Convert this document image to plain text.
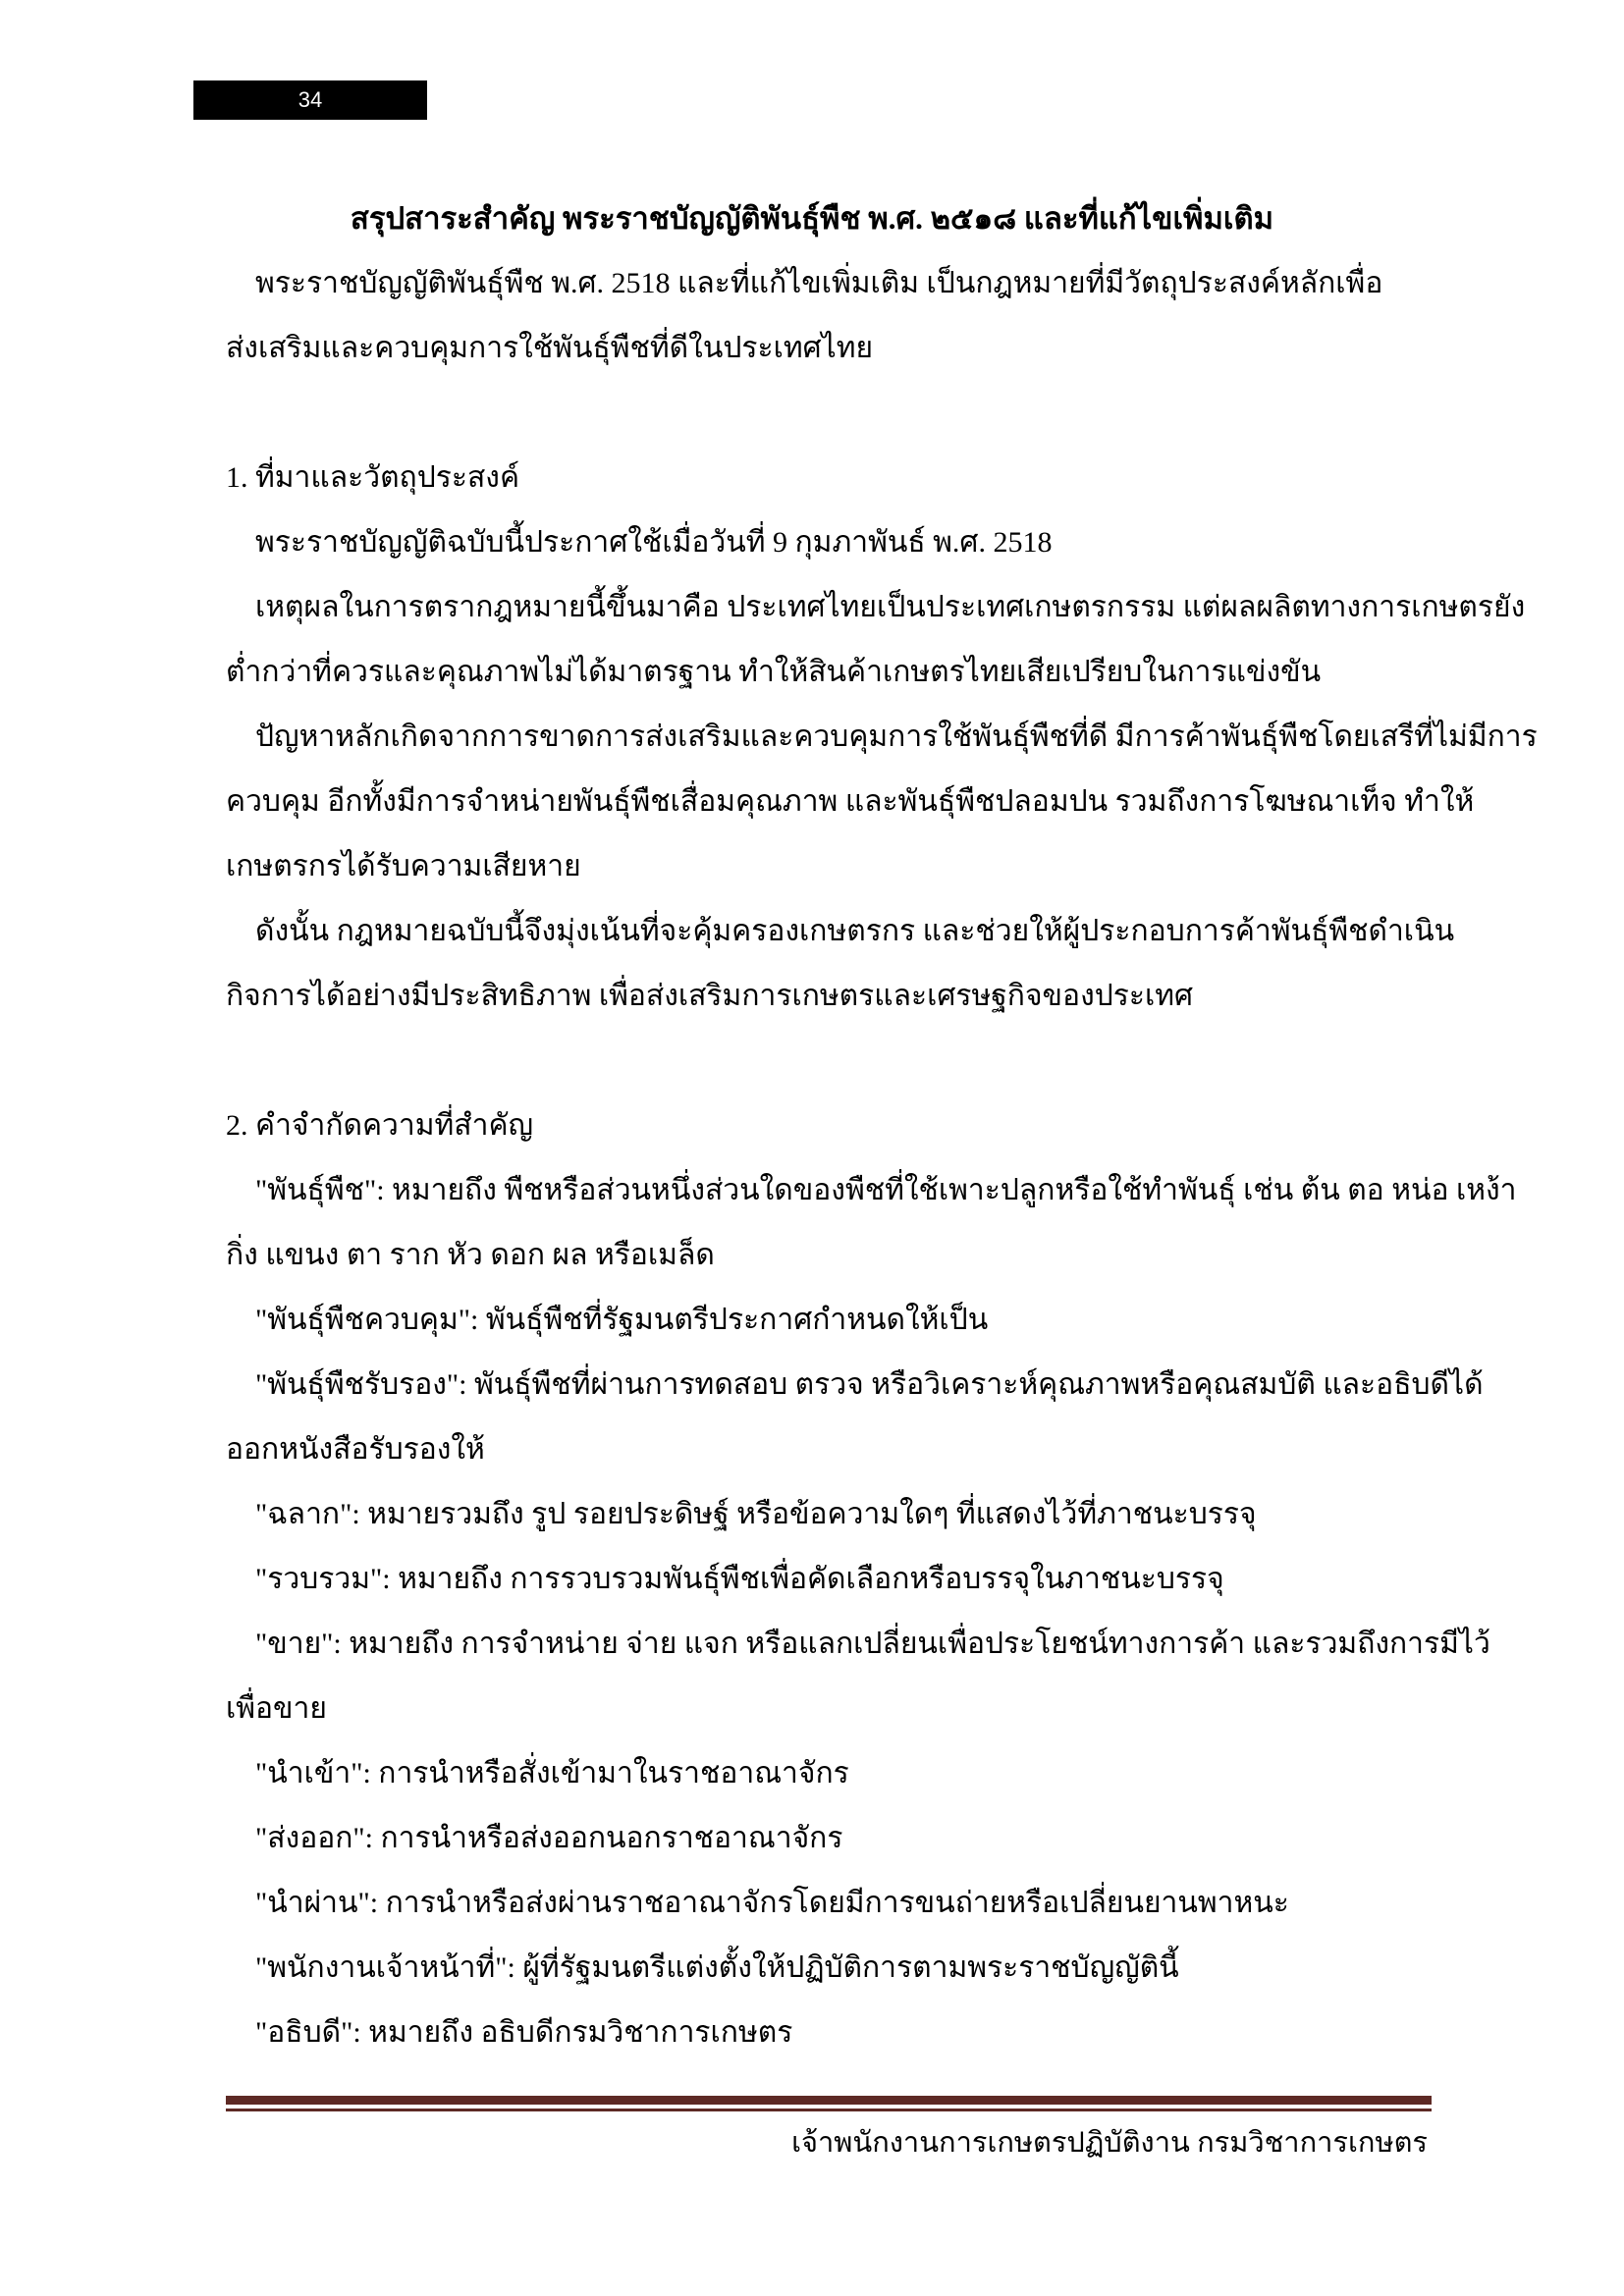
34
สรุปสาระสำคัญ พระราชบัญญัติพันธุ์พืช พ.ศ. ๒๕๑๘ และที่แก้ไขเพิ่มเติม
พระราชบัญญัติพันธุ์พืช พ.ศ. 2518 และที่แก้ไขเพิ่มเติม เป็นกฎหมายที่มีวัตถุประสงค์หลักเพื่อ
ส่งเสริมและควบคุมการใช้พันธุ์พืชที่ดีในประเทศไทย
1. ที่มาและวัตถุประสงค์
พระราชบัญญัติฉบับนี้ประกาศใช้เมื่อวันที่ 9 กุมภาพันธ์ พ.ศ. 2518
เหตุผลในการตรากฎหมายนี้ขึ้นมาคือ ประเทศไทยเป็นประเทศเกษตรกรรม แต่ผลผลิตทางการเกษตรยัง
ต่ำกว่าที่ควรและคุณภาพไม่ได้มาตรฐาน ทำให้สินค้าเกษตรไทยเสียเปรียบในการแข่งขัน
ปัญหาหลักเกิดจากการขาดการส่งเสริมและควบคุมการใช้พันธุ์พืชที่ดี มีการค้าพันธุ์พืชโดยเสรีที่ไม่มีการ
ควบคุม อีกทั้งมีการจำหน่ายพันธุ์พืชเสื่อมคุณภาพ และพันธุ์พืชปลอมปน รวมถึงการโฆษณาเท็จ ทำให้
เกษตรกรได้รับความเสียหาย
ดังนั้น กฎหมายฉบับนี้จึงมุ่งเน้นที่จะคุ้มครองเกษตรกร และช่วยให้ผู้ประกอบการค้าพันธุ์พืชดำเนิน
กิจการได้อย่างมีประสิทธิภาพ เพื่อส่งเสริมการเกษตรและเศรษฐกิจของประเทศ
2. คำจำกัดความที่สำคัญ
"พันธุ์พืช": หมายถึง พืชหรือส่วนหนึ่งส่วนใดของพืชที่ใช้เพาะปลูกหรือใช้ทำพันธุ์ เช่น ต้น ตอ หน่อ เหง้า
กิ่ง แขนง ตา ราก หัว ดอก ผล หรือเมล็ด
"พันธุ์พืชควบคุม": พันธุ์พืชที่รัฐมนตรีประกาศกำหนดให้เป็น
"พันธุ์พืชรับรอง": พันธุ์พืชที่ผ่านการทดสอบ ตรวจ หรือวิเคราะห์คุณภาพหรือคุณสมบัติ และอธิบดีได้
ออกหนังสือรับรองให้
"ฉลาก": หมายรวมถึง รูป รอยประดิษฐ์ หรือข้อความใดๆ ที่แสดงไว้ที่ภาชนะบรรจุ
"รวบรวม": หมายถึง การรวบรวมพันธุ์พืชเพื่อคัดเลือกหรือบรรจุในภาชนะบรรจุ
"ขาย": หมายถึง การจำหน่าย จ่าย แจก หรือแลกเปลี่ยนเพื่อประโยชน์ทางการค้า และรวมถึงการมีไว้
เพื่อขาย
"นำเข้า": การนำหรือสั่งเข้ามาในราชอาณาจักร
"ส่งออก": การนำหรือส่งออกนอกราชอาณาจักร
"นำผ่าน": การนำหรือส่งผ่านราชอาณาจักรโดยมีการขนถ่ายหรือเปลี่ยนยานพาหนะ
"พนักงานเจ้าหน้าที่": ผู้ที่รัฐมนตรีแต่งตั้งให้ปฏิบัติการตามพระราชบัญญัตินี้
"อธิบดี": หมายถึง อธิบดีกรมวิชาการเกษตร
เจ้าพนักงานการเกษตรปฏิบัติงาน กรมวิชาการเกษตร
